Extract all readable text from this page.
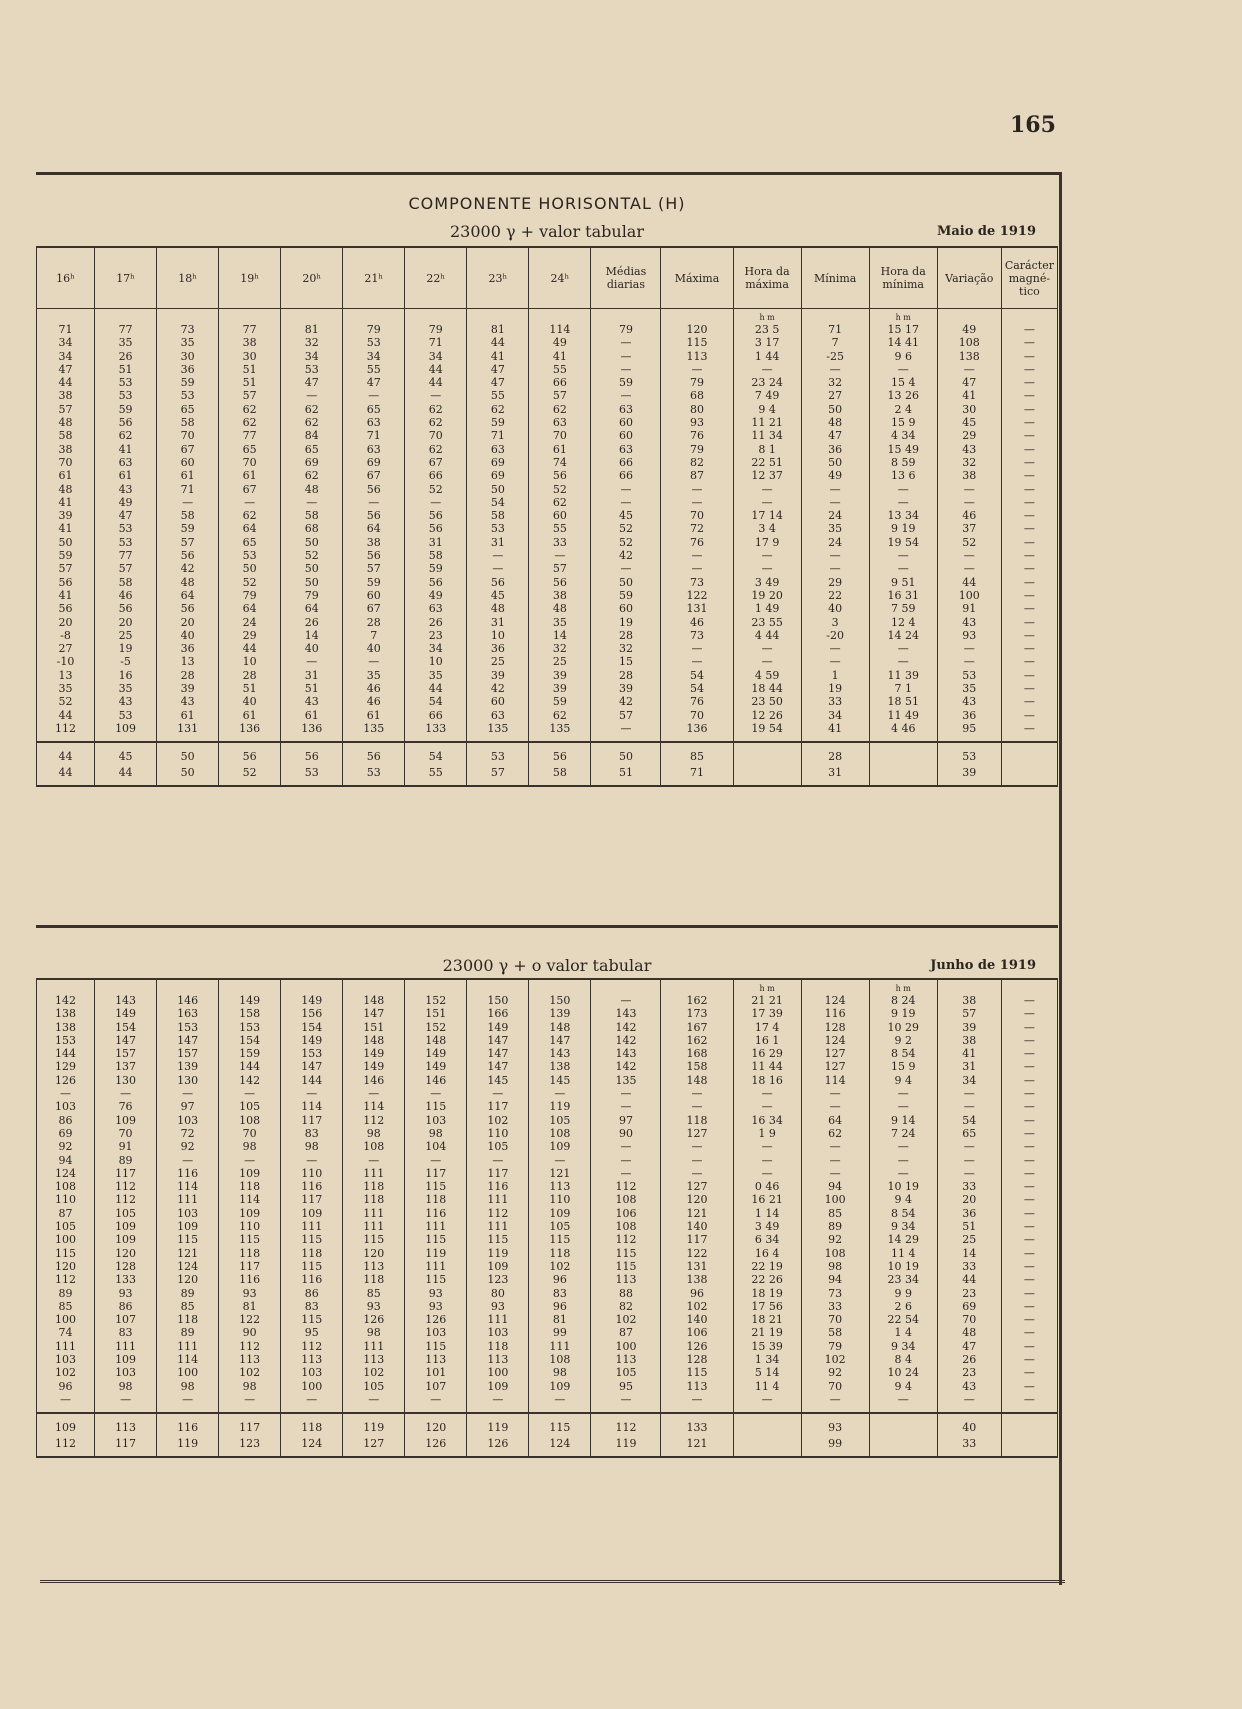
165
COMPONENTE HORISONTAL (H)
23000 γ + valor tabular	Maio de 1919
16ʰ	17ʰ	18ʰ	19ʰ	20ʰ	21ʰ	22ʰ	23ʰ	24ʰ	Médias diarias	Máxima	Hora da máxima	Mínima	Hora da mínima	Variação	Carácter magné-tico
											h m		h m		
71	77	73	77	81	79	79	81	114	79	120	23 5	71	15 17	49	—
34	35	35	38	32	53	71	44	49	—	115	3 17	7	14 41	108	—
34	26	30	30	34	34	34	41	41	—	113	1 44	-25	9 6	138	—
47	51	36	51	53	55	44	47	55	—	—	—	—	—	—	—
44	53	59	51	47	47	44	47	66	59	79	23 24	32	15 4	47	—
38	53	53	57	—	—	—	55	57	—	68	7 49	27	13 26	41	—
57	59	65	62	62	65	62	62	62	63	80	9 4	50	2 4	30	—
48	56	58	62	62	63	62	59	63	60	93	11 21	48	15 9	45	—
58	62	70	77	84	71	70	71	70	60	76	11 34	47	4 34	29	—
38	41	67	65	65	63	62	63	61	63	79	8 1	36	15 49	43	—
70	63	60	70	69	69	67	69	74	66	82	22 51	50	8 59	32	—
61	61	61	61	62	67	66	69	56	66	87	12 37	49	13 6	38	—
48	43	71	67	48	56	52	50	52	—	—	—	—	—	—	—
41	49	—	—	—	—	—	54	62	—	—	—	—	—	—	—
39	47	58	62	58	56	56	58	60	45	70	17 14	24	13 34	46	—
41	53	59	64	68	64	56	53	55	52	72	3 4	35	9 19	37	—
50	53	57	65	50	38	31	31	33	52	76	17 9	24	19 54	52	—
59	77	56	53	52	56	58	—	—	42	—	—	—	—	—	—
57	57	42	50	50	57	59	—	57	—	—	—	—	—	—	—
56	58	48	52	50	59	56	56	56	50	73	3 49	29	9 51	44	—
41	46	64	79	79	60	49	45	38	59	122	19 20	22	16 31	100	—
56	56	56	64	64	67	63	48	48	60	131	1 49	40	7 59	91	—
20	20	20	24	26	28	26	31	35	19	46	23 55	3	12 4	43	—
-8	25	40	29	14	7	23	10	14	28	73	4 44	-20	14 24	93	—
27	19	36	44	40	40	34	36	32	32	—	—	—	—	—	—
-10	-5	13	10	—	—	10	25	25	15	—	—	—	—	—	—
13	16	28	28	31	35	35	39	39	28	54	4 59	1	11 39	53	—
35	35	39	51	51	46	44	42	39	39	54	18 44	19	7 1	35	—
52	43	43	40	43	46	54	60	59	42	76	23 50	33	18 51	43	—
44	53	61	61	61	61	66	63	62	57	70	12 26	34	11 49	36	—
112	109	131	136	136	135	133	135	135	—	136	19 54	41	4 46	95	—
44	45	50	56	56	56	54	53	56	50	85		28		53	
44	44	50	52	53	53	55	57	58	51	71		31		39	
23000 γ + o valor tabular	Junho de 1919
											h m		h m		
142	143	146	149	149	148	152	150	150	—	162	21 21	124	8 24	38	—
138	149	163	158	156	147	151	166	139	143	173	17 39	116	9 19	57	—
138	154	153	153	154	151	152	149	148	142	167	17 4	128	10 29	39	—
153	147	147	154	149	148	148	147	147	142	162	16 1	124	9 2	38	—
144	157	157	159	153	149	149	147	143	143	168	16 29	127	8 54	41	—
129	137	139	144	147	149	149	147	138	142	158	11 44	127	15 9	31	—
126	130	130	142	144	146	146	145	145	135	148	18 16	114	9 4	34	—
—	—	—	—	—	—	—	—	—	—	—	—	—	—	—	—
103	76	97	105	114	114	115	117	119	—	—	—	—	—	—	—
86	109	103	108	117	112	103	102	105	97	118	16 34	64	9 14	54	—
69	70	72	70	83	98	98	110	108	90	127	1 9	62	7 24	65	—
92	91	92	98	98	108	104	105	109	—	—	—	—	—	—	—
94	89	—	—	—	—	—	—	—	—	—	—	—	—	—	—
124	117	116	109	110	111	117	117	121	—	—	—	—	—	—	—
108	112	114	118	116	118	115	116	113	112	127	0 46	94	10 19	33	—
110	112	111	114	117	118	118	111	110	108	120	16 21	100	9 4	20	—
87	105	103	109	109	111	116	112	109	106	121	1 14	85	8 54	36	—
105	109	109	110	111	111	111	111	105	108	140	3 49	89	9 34	51	—
100	109	115	115	115	115	115	115	115	112	117	6 34	92	14 29	25	—
115	120	121	118	118	120	119	119	118	115	122	16 4	108	11 4	14	—
120	128	124	117	115	113	111	109	102	115	131	22 19	98	10 19	33	—
112	133	120	116	116	118	115	123	96	113	138	22 26	94	23 34	44	—
89	93	89	93	86	85	93	80	83	88	96	18 19	73	9 9	23	—
85	86	85	81	83	93	93	93	96	82	102	17 56	33	2 6	69	—
100	107	118	122	115	126	126	111	81	102	140	18 21	70	22 54	70	—
74	83	89	90	95	98	103	103	99	87	106	21 19	58	1 4	48	—
111	111	111	112	112	111	115	118	111	100	126	15 39	79	9 34	47	—
103	109	114	113	113	113	113	113	108	113	128	1 34	102	8 4	26	—
102	103	100	102	103	102	101	100	98	105	115	5 14	92	10 24	23	—
96	98	98	98	100	105	107	109	109	95	113	11 4	70	9 4	43	—
—	—	—	—	—	—	—	—	—	—	—	—	—	—	—	—
109	113	116	117	118	119	120	119	115	112	133		93		40	
112	117	119	123	124	127	126	126	124	119	121		99		33	
